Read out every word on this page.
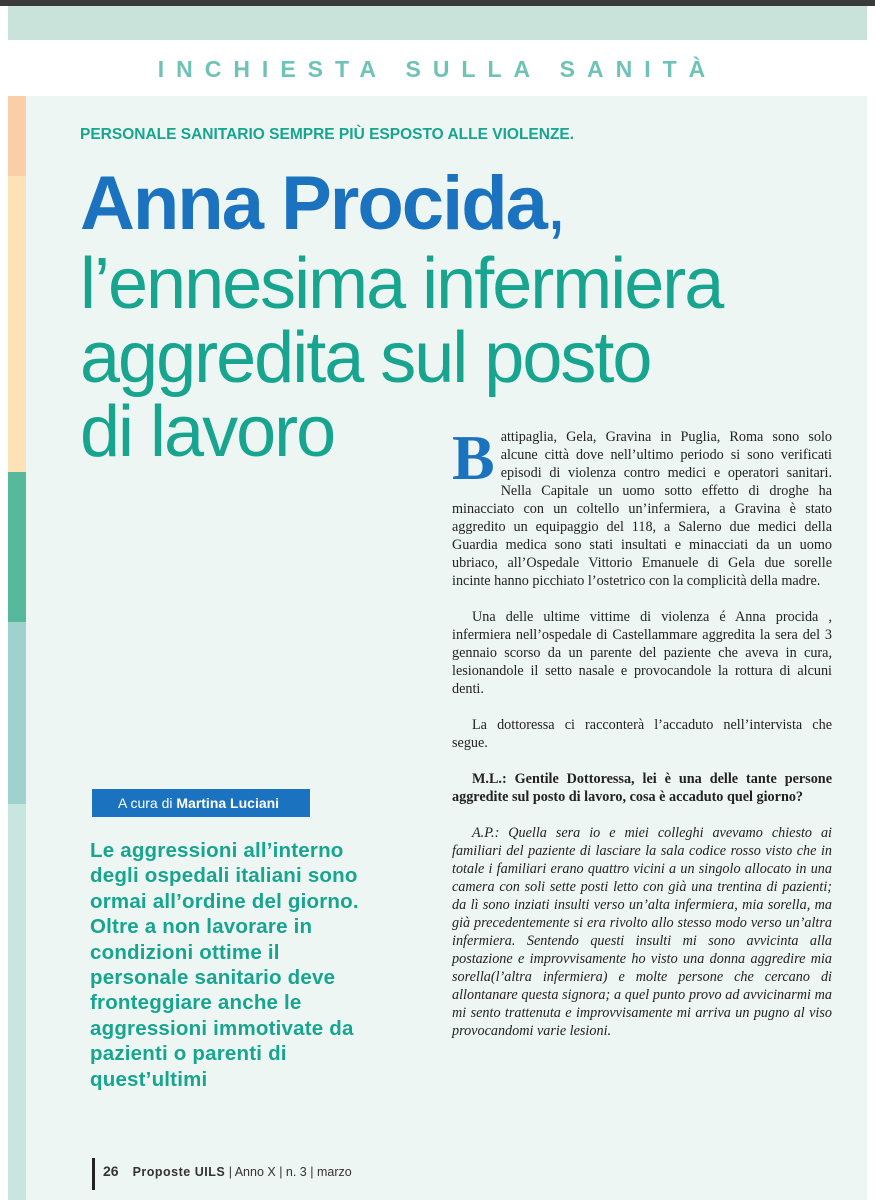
INCHIESTA SULLA SANITÀ
PERSONALE SANITARIO SEMPRE PIÙ ESPOSTO ALLE VIOLENZE.
Anna Procida,
l’ennesima infermiera
aggredita sul posto
di lavoro	Battipaglia, Gela, Gravina in Puglia, Roma sono solo alcune città dove nell’ultimo periodo si sono verificati episodi di violenza contro medici e operatori sanitari. Nella Capitale un uomo sotto effetto di droghe ha minacciato con un coltello un’infermiera, a Gravina è stato aggredito un equipaggio del 118, a Salerno due medici della Guardia medica sono stati insultati e minacciati da un uomo ubriaco, all’Ospedale Vittorio Emanuele di Gela due sorelle incinte hanno picchiato l’ostetrico con la complicità della madre.

Una delle ultime vittime di violenza é Anna procida , infermiera nell’ospedale di Castellammare aggredita la sera del 3 gennaio scorso da un parente del paziente che aveva in cura, lesionandole il setto nasale e provocandole la rottura di alcuni denti.

La dottoressa ci racconterà l’accaduto nell’intervista che segue.

M.L.: Gentile Dottoressa, lei è una delle tante persone aggredite sul posto di lavoro, cosa è accaduto quel giorno?

A.P.: Quella sera io e miei colleghi avevamo chiesto ai familiari del paziente di lasciare la sala codice rosso visto che in totale i familiari erano quattro vicini a un singolo allocato in una camera con soli sette posti letto con già una trentina di pazienti; da lì sono inziati insulti verso un’alta infermiera, mia sorella, ma già precedentemente si era rivolto allo stesso modo verso un’altra infermiera. Sentendo questi insulti mi sono avvicinta alla postazione e improvvisamente ho visto una donna aggredire mia sorella(l’altra infermiera) e molte persone che cercano di allontanare questa signora; a quel punto provo ad avvicinarmi ma mi sento trattenuta e improvvisamente mi arriva un pugno al viso provocandomi varie lesioni.

A cura di Martina Luciani
Le aggressioni all’interno degli ospedali italiani sono ormai all’ordine del giorno.
Oltre a non lavorare in condizioni ottime il personale sanitario deve fronteggiare anche le aggressioni immotivate da pazienti o parenti di quest’ultimi
26 Proposte UILS | Anno X | n. 3 | marzo
